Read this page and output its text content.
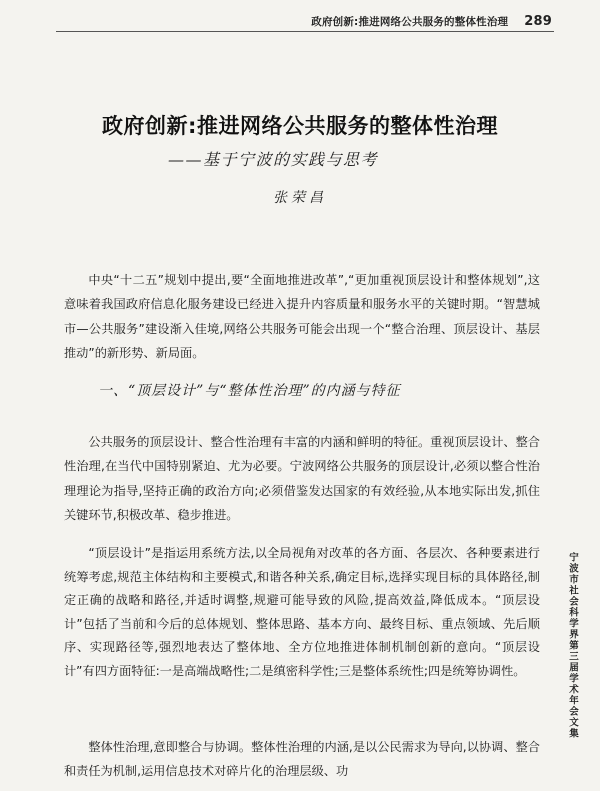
政府创新:推进网络公共服务的整体性治理 289
政府创新:推进网络公共服务的整体性治理
——基于宁波的实践与思考
张荣昌

中央“十二五”规划中提出,要“全面地推进改革”,“更加重视顶层设计和整体规划”,这意味着我国政府信息化服务建设已经进入提升内容质量和服务水平的关键时期。“智慧城市—公共服务”建设渐入佳境,网络公共服务可能会出现一个“整合治理、顶层设计、基层推动”的新形势、新局面。

一、“顶层设计”与“整体性治理”的内涵与特征

公共服务的顶层设计、整合性治理有丰富的内涵和鲜明的特征。重视顶层设计、整合性治理,在当代中国特别紧迫、尤为必要。宁波网络公共服务的顶层设计,必须以整合性治理理论为指导,坚持正确的政治方向;必须借鉴发达国家的有效经验,从本地实际出发,抓住关键环节,积极改革、稳步推进。

“顶层设计”是指运用系统方法,以全局视角对改革的各方面、各层次、各种要素进行统筹考虑,规范主体结构和主要模式,和谐各种关系,确定目标,选择实现目标的具体路径,制定正确的战略和路径,并适时调整,规避可能导致的风险,提高效益,降低成本。“顶层设计”包括了当前和今后的总体规划、整体思路、基本方向、最终目标、重点领域、先后顺序、实现路径等,强烈地表达了整体地、全方位地推进体制机制创新的意向。“顶层设计”有四方面特征:一是高端战略性;二是缜密科学性;三是整体系统性;四是统筹协调性。

整体性治理,意即整合与协调。整体性治理的内涵,是以公民需求为导向,以协调、整合和责任为机制,运用信息技术对碎片化的治理层级、功

宁波市社会科学界第三届学术年会文集
